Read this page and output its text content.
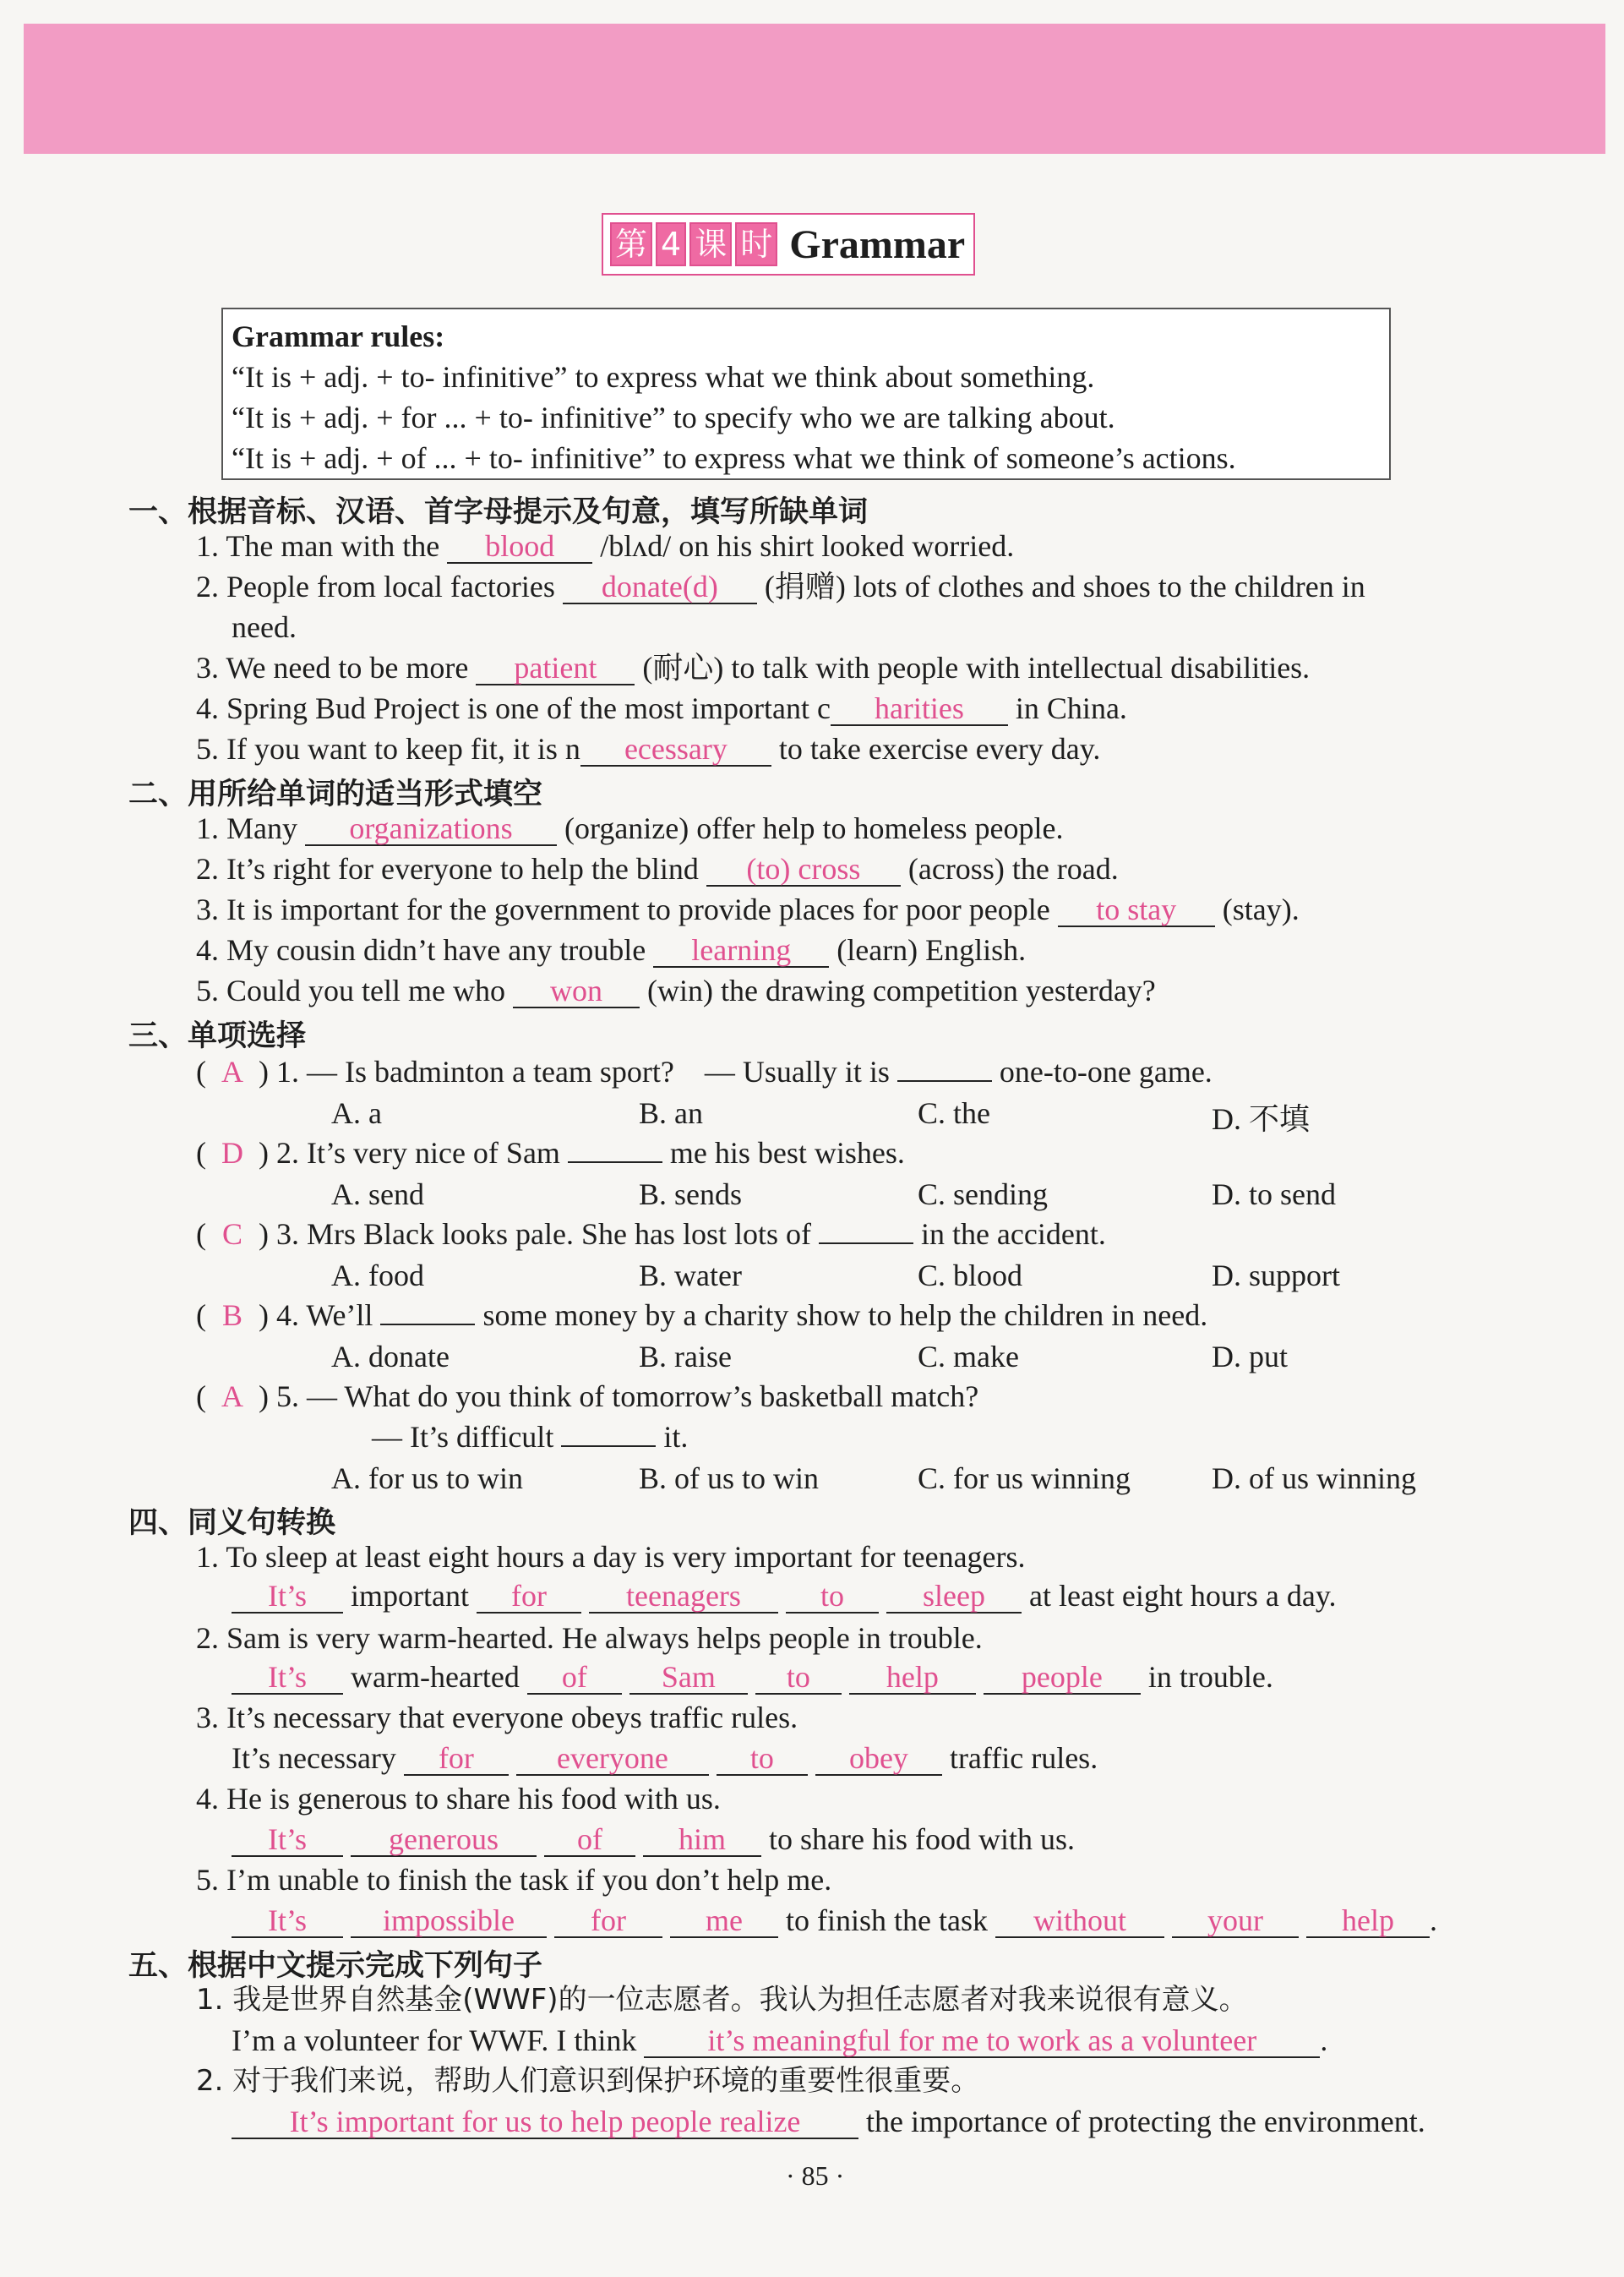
第 4 课 时 Grammar
Grammar rules:
“It is + adj. + to- infinitive” to express what we think about something.
“It is + adj. + for ... + to- infinitive” to specify who we are talking about.
“It is + adj. + of ... + to- infinitive” to express what we think of someone’s actions.
一、根据音标、汉语、首字母提示及句意，填写所缺单词
1. The man with the blood /blʌd/ on his shirt looked worried.
2. People from local factories donate(d) (捐赠) lots of clothes and shoes to the children in
need.
3. We need to be more patient (耐心) to talk with people with intellectual disabilities.
4. Spring Bud Project is one of the most important c harities in China.
5. If you want to keep fit, it is n ecessary to take exercise every day.
二、用所给单词的适当形式填空
1. Many organizations (organize) offer help to homeless people.
2. It’s right for everyone to help the blind (to) cross (across) the road.
3. It is important for the government to provide places for poor people to stay (stay).
4. My cousin didn’t have any trouble learning (learn) English.
5. Could you tell me who won (win) the drawing competition yesterday?
三、单项选择
( A ) 1. — Is badminton a team sport?　— Usually it is	one-to-one game.
A. a	B. an	C. the	D. 不填
( D ) 2. It’s very nice of Sam	me his best wishes.
A. send	B. sends	C. sending	D. to send
( C ) 3. Mrs Black looks pale. She has lost lots of	in the accident.
A. food	B. water	C. blood	D. support
( B ) 4. We’ll	some money by a charity show to help the children in need.
A. donate	B. raise	C. make	D. put
( A ) 5. — What do you think of tomorrow’s basketball match?
— It’s difficult	it.
A. for us to win	B. of us to win	C. for us winning	D. of us winning
四、同义句转换
1. To sleep at least eight hours a day is very important for teenagers.
It’s important for	teenagers	to	sleep at least eight hours a day.
2. Sam is very warm-hearted. He always helps people in trouble.
It’s warm-hearted of Sam to	help	people in trouble.
3. It’s necessary that everyone obeys traffic rules.
It’s necessary for	everyone	to obey traffic rules.
4. He is generous to share his food with us.
It’s	generous	of him to share his food with us.
5. I’m unable to finish the task if you don’t help me.
It’s impossible	for	me to finish the task without	your	help .
五、根据中文提示完成下列句子
1. 我是世界自然基金(WWF)的一位志愿者。我认为担任志愿者对我来说很有意义。
I’m a volunteer for WWF. I think it’s meaningful for me to work as a volunteer .
2. 对于我们来说，帮助人们意识到保护环境的重要性很重要。
It’s important for us to help people realize the importance of protecting the environment.
· 85 ·
